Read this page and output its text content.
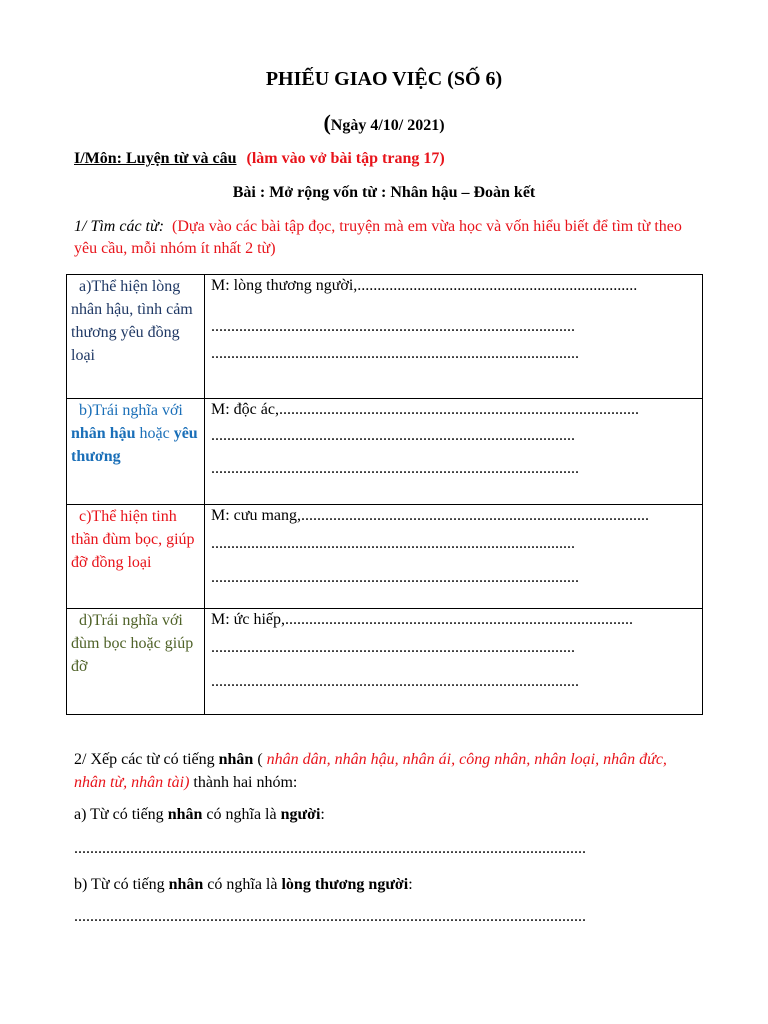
PHIẾU GIAO VIỆC (SỐ 6)
(Ngày 4/10/ 2021)
I/Môn: Luyện từ và câu (làm vào vở bài tập trang 17)
Bài : Mở rộng vốn từ : Nhân hậu – Đoàn kết
1/ Tìm các từ: (Dựa vào các bài tập đọc, truyện mà em vừa học và vốn hiểu biết để tìm từ theo yêu cầu, mỗi nhóm ít nhất 2 từ)
a)Thể hiện lòng nhân hậu, tình cảm thương yêu đồng loại	M: lòng thương người,......................................................................
...........................................................................................
............................................................................................

b)Trái nghĩa với nhân hậu hoặc yêu thương	M: độc ác,..........................................................................................
...........................................................................................
............................................................................................

c)Thể hiện tinh thần đùm bọc, giúp đỡ đồng loại	M: cưu mang,.......................................................................................
...........................................................................................
............................................................................................

d)Trái nghĩa với đùm bọc hoặc giúp đỡ	M: ức hiếp,.......................................................................................
...........................................................................................
............................................................................................
2/ Xếp các từ có tiếng nhân ( nhân dân, nhân hậu, nhân ái, công nhân, nhân loại, nhân đức, nhân từ, nhân tài) thành hai nhóm:
a) Từ có tiếng nhân có nghĩa là người:
................................................................................................................................
b) Từ có tiếng nhân có nghĩa là lòng thương người:
................................................................................................................................
